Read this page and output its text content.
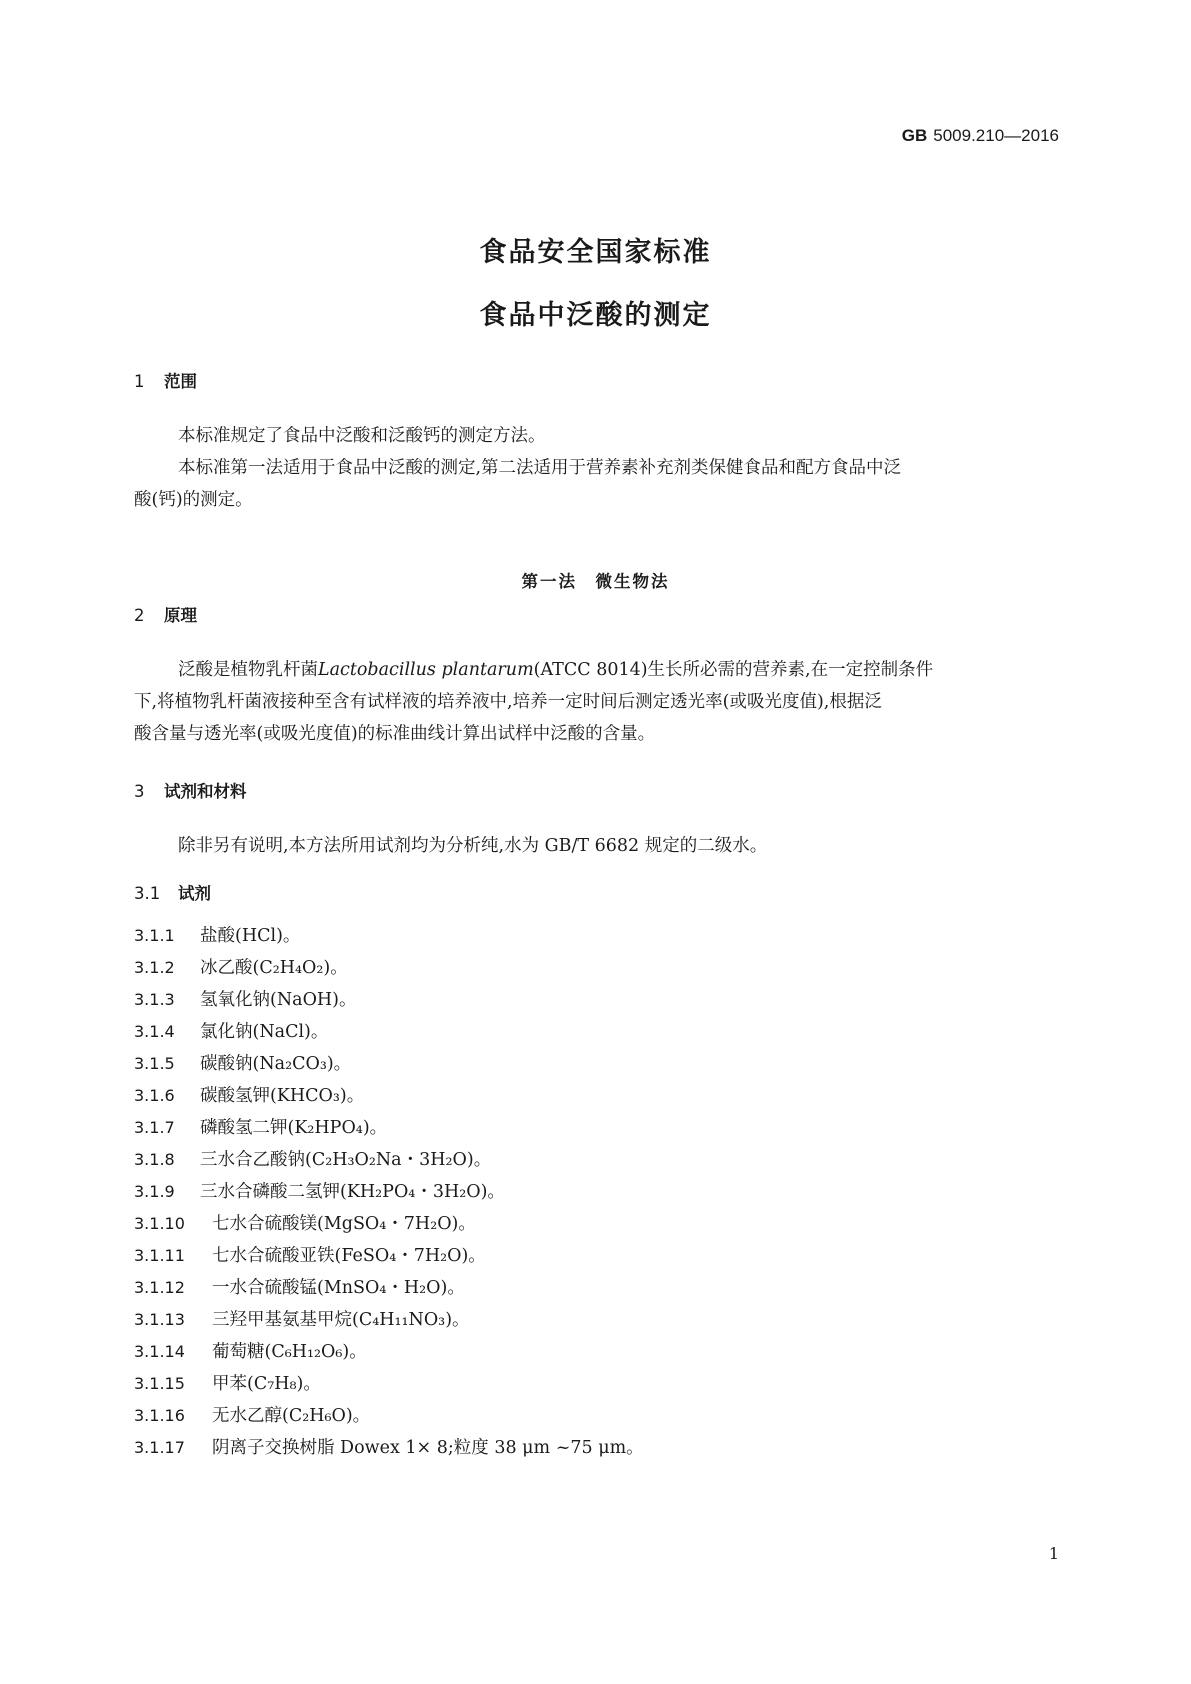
GB 5009.210—2016
食品安全国家标准
食品中泛酸的测定
1 范围
本标准规定了食品中泛酸和泛酸钙的测定方法。
本标准第一法适用于食品中泛酸的测定,第二法适用于营养素补充剂类保健食品和配方食品中泛
酸(钙)的测定。
第一法　微生物法
2 原理
泛酸是植物乳杆菌Lactobacillus plantarum(ATCC 8014)生长所必需的营养素,在一定控制条件
下,将植物乳杆菌液接种至含有试样液的培养液中,培养一定时间后测定透光率(或吸光度值),根据泛
酸含量与透光率(或吸光度值)的标准曲线计算出试样中泛酸的含量。
3 试剂和材料
除非另有说明,本方法所用试剂均为分析纯,水为 GB/T 6682 规定的二级水。
3.1 试剂
3.1.1 盐酸(HCl)。
3.1.2 冰乙酸(C₂H₄O₂)。
3.1.3 氢氧化钠(NaOH)。
3.1.4 氯化钠(NaCl)。
3.1.5 碳酸钠(Na₂CO₃)。
3.1.6 碳酸氢钾(KHCO₃)。
3.1.7 磷酸氢二钾(K₂HPO₄)。
3.1.8 三水合乙酸钠(C₂H₃O₂Na・3H₂O)。
3.1.9 三水合磷酸二氢钾(KH₂PO₄・3H₂O)。
3.1.10 七水合硫酸镁(MgSO₄・7H₂O)。
3.1.11 七水合硫酸亚铁(FeSO₄・7H₂O)。
3.1.12 一水合硫酸锰(MnSO₄・H₂O)。
3.1.13 三羟甲基氨基甲烷(C₄H₁₁NO₃)。
3.1.14 葡萄糖(C₆H₁₂O₆)。
3.1.15 甲苯(C₇H₈)。
3.1.16 无水乙醇(C₂H₆O)。
3.1.17 阴离子交换树脂 Dowex 1× 8;粒度 38 μm ~75 μm。
1
